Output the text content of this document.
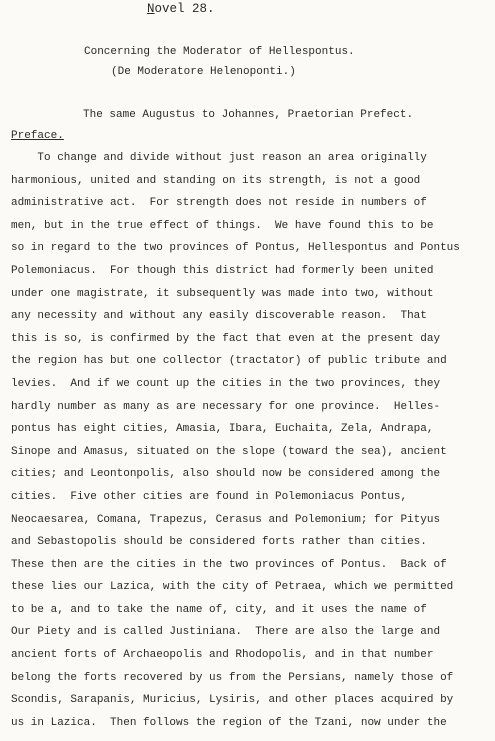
Novel 28.
Concerning the Moderator of Hellespontus.
(De Moderatore Helenoponti.)
The same Augustus to Johannes, Praetorian Prefect.
Preface.
To change and divide without just reason an area originally
harmonious, united and standing on its strength, is not a good
administrative act.  For strength does not reside in numbers of
men, but in the true effect of things.  We have found this to be
so in regard to the two provinces of Pontus, Hellespontus and Pontus
Polemoniacus.  For though this district had formerly been united
under one magistrate, it subsequently was made into two, without
any necessity and without any easily discoverable reason.  That
this is so, is confirmed by the fact that even at the present day
the region has but one collector (tractator) of public tribute and
levies.  And if we count up the cities in the two provinces, they
hardly number as many as are necessary for one province.  Helles-
pontus has eight cities, Amasia, Ibara, Euchaita, Zela, Andrapa,
Sinope and Amasus, situated on the slope (toward the sea), ancient
cities; and Leontonpolis, also should now be considered among the
cities.  Five other cities are found in Polemoniacus Pontus,
Neocaesarea, Comana, Trapezus, Cerasus and Polemonium; for Pityus
and Sebastopolis should be considered forts rather than cities.
These then are the cities in the two provinces of Pontus.  Back of
these lies our Lazica, with the city of Petraea, which we permitted
to be a, and to take the name of, city, and it uses the name of
Our Piety and is called Justiniana.  There are also the large and
ancient forts of Archaeopolis and Rhodopolis, and in that number
belong the forts recovered by us from the Persians, namely those of
Scondis, Sarapanis, Muricius, Lysiris, and other places acquired by
us in Lazica.  Then follows the region of the Tzani, now under the
